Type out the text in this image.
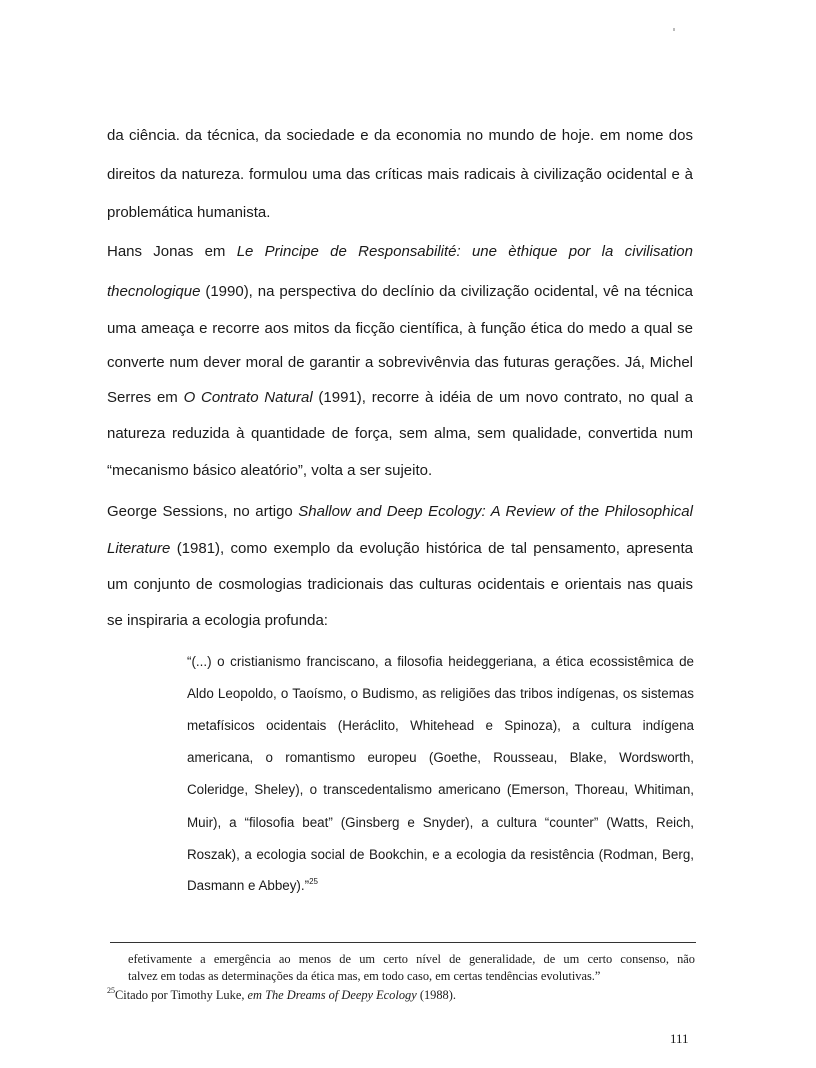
da ciência. da técnica, da sociedade e da economia no mundo de hoje. em nome dos
direitos da natureza. formulou uma das críticas mais radicais à civilização ocidental e à
problemática humanista.
Hans Jonas em Le Principe de Responsabilité: une èthique por la civilisation
thecnologique (1990), na perspectiva do declínio da civilização ocidental, vê na técnica
uma ameaça e recorre aos mitos da ficção científica, à função ética do medo a qual se
converte num dever moral de garantir a sobrevivênvia das futuras gerações. Já, Michel
Serres em O Contrato Natural (1991), recorre à idéia de um novo contrato, no qual a
natureza reduzida à quantidade de força, sem alma, sem qualidade, convertida num
“mecanismo básico aleatório”, volta a ser sujeito.
George Sessions, no artigo Shallow and Deep Ecology: A Review of the Philosophical
Literature (1981), como exemplo da evolução histórica de tal pensamento, apresenta
um conjunto de cosmologias tradicionais das culturas ocidentais e orientais nas quais
se inspiraria a ecologia profunda:
“(...) o cristianismo franciscano, a filosofia heideggeriana, a ética ecossistêmica de
Aldo Leopoldo, o Taoísmo, o Budismo, as religiões das tribos indígenas, os sistemas
metafísicos ocidentais (Heráclito, Whitehead e Spinoza), a cultura indígena
americana, o romantismo europeu (Goethe, Rousseau, Blake, Wordsworth,
Coleridge, Sheley), o transcedentalismo americano (Emerson, Thoreau, Whitiman,
Muir), a “filosofia beat” (Ginsberg e Snyder), a cultura “counter” (Watts, Reich,
Roszak), a ecologia social de Bookchin, e a ecologia da resistência (Rodman, Berg,
Dasmann e Abbey).”$^{25}$
efetivamente a emergência ao menos de um certo nível de generalidade, de um certo consenso, não
talvez em todas as determinações da ética mas, em todo caso, em certas tendências evolutivas.”
$^{25}$Citado por Timothy Luke, em The Dreams of Deepy Ecology (1988).
111
